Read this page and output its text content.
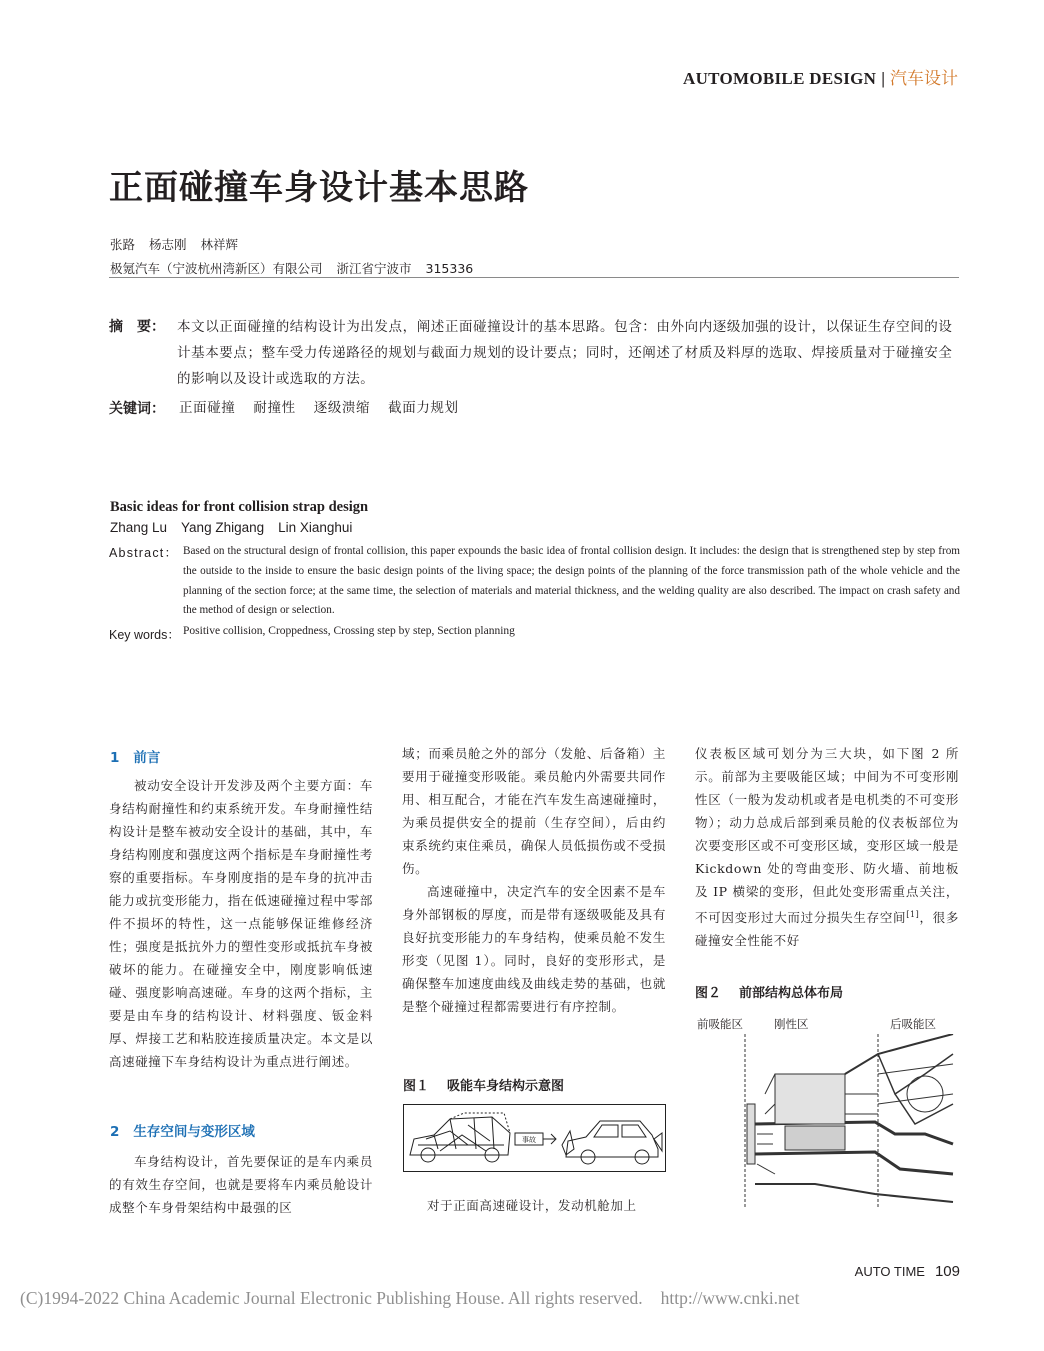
AUTOMOBILE DESIGN | 汽车设计
正面碰撞车身设计基本思路
张路 杨志刚 林祥辉
极氪汽车（宁波杭州湾新区）有限公司 浙江省宁波市 315336
摘　要： 本文以正面碰撞的结构设计为出发点，阐述正面碰撞设计的基本思路。包含：由外向内逐级加强的设计，以保证生存空间的设计基本要点；整车受力传递路径的规划与截面力规划的设计要点；同时，还阐述了材质及料厚的选取、焊接质量对于碰撞安全的影响以及设计或选取的方法。
关键词： 正面碰撞 耐撞性 逐级溃缩 截面力规划
Basic ideas for front collision strap design
Zhang Lu Yang Zhigang Lin Xianghui
Abstract： Based on the structural design of frontal collision, this paper expounds the basic idea of frontal collision design. It includes: the design that is strengthened step by step from the outside to the inside to ensure the basic design points of the living space; the design points of the planning of the force transmission path of the whole vehicle and the planning of the section force; at the same time, the selection of materials and material thickness, and the welding quality are also described. The impact on crash safety and the method of design or selection.
Key words： Positive collision, Croppedness, Crossing step by step, Section planning
1 前言

被动安全设计开发涉及两个主要方面：车身结构耐撞性和约束系统开发。车身耐撞性结构设计是整车被动安全设计的基础，其中，车身结构刚度和强度这两个指标是车身耐撞性考察的重要指标。车身刚度指的是车身的抗冲击能力或抗变形能力，指在低速碰撞过程中零部件不损坏的特性，这一点能够保证维修经济性；强度是抵抗外力的塑性变形或抵抗车身被破坏的能力。在碰撞安全中，刚度影响低速碰、强度影响高速碰。车身的这两个指标，主要是由车身的结构设计、材料强度、钣金料厚、焊接工艺和粘胶连接质量决定。本文是以高速碰撞下车身结构设计为重点进行阐述。

2 生存空间与变形区域

车身结构设计，首先要保证的是车内乘员的有效生存空间，也就是要将车内乘员舱设计成整个车身骨架结构中最强的区

域；而乘员舱之外的部分（发舱、后备箱）主要用于碰撞变形吸能。乘员舱内外需要共同作用、相互配合，才能在汽车发生高速碰撞时，为乘员提供安全的提前（生存空间），后由约束系统约束住乘员，确保人员低损伤或不受损伤。

高速碰撞中，决定汽车的安全因素不是车身外部钢板的厚度，而是带有逐级吸能及具有良好抗变形能力的车身结构，使乘员舱不发生形变（见图 1）。同时，良好的变形形式，是确保整车加速度曲线及曲线走势的基础，也就是整个碰撞过程都需要进行有序控制。

图１ 吸能车身结构示意图
事故

对于正面高速碰设计，发动机舱加上

仪表板区域可划分为三大块，如下图 2 所示。前部为主要吸能区域；中间为不可变形刚性区（一般为发动机或者是电机类的不可变形物）；动力总成后部到乘员舱的仪表板部位为次要变形区或不可变形区域，变形区域一般是 Kickdown 处的弯曲变形、防火墙、前地板及 IP 横梁的变形，但此处变形需重点关注，不可因变形过大而过分损失生存空间[1]，很多碰撞安全性能不好

图２ 前部结构总体布局
前吸能区	刚性区	后吸能区
AUTO TIME 109
(C)1994-2022 China Academic Journal Electronic Publishing House. All rights reserved. http://www.cnki.net
